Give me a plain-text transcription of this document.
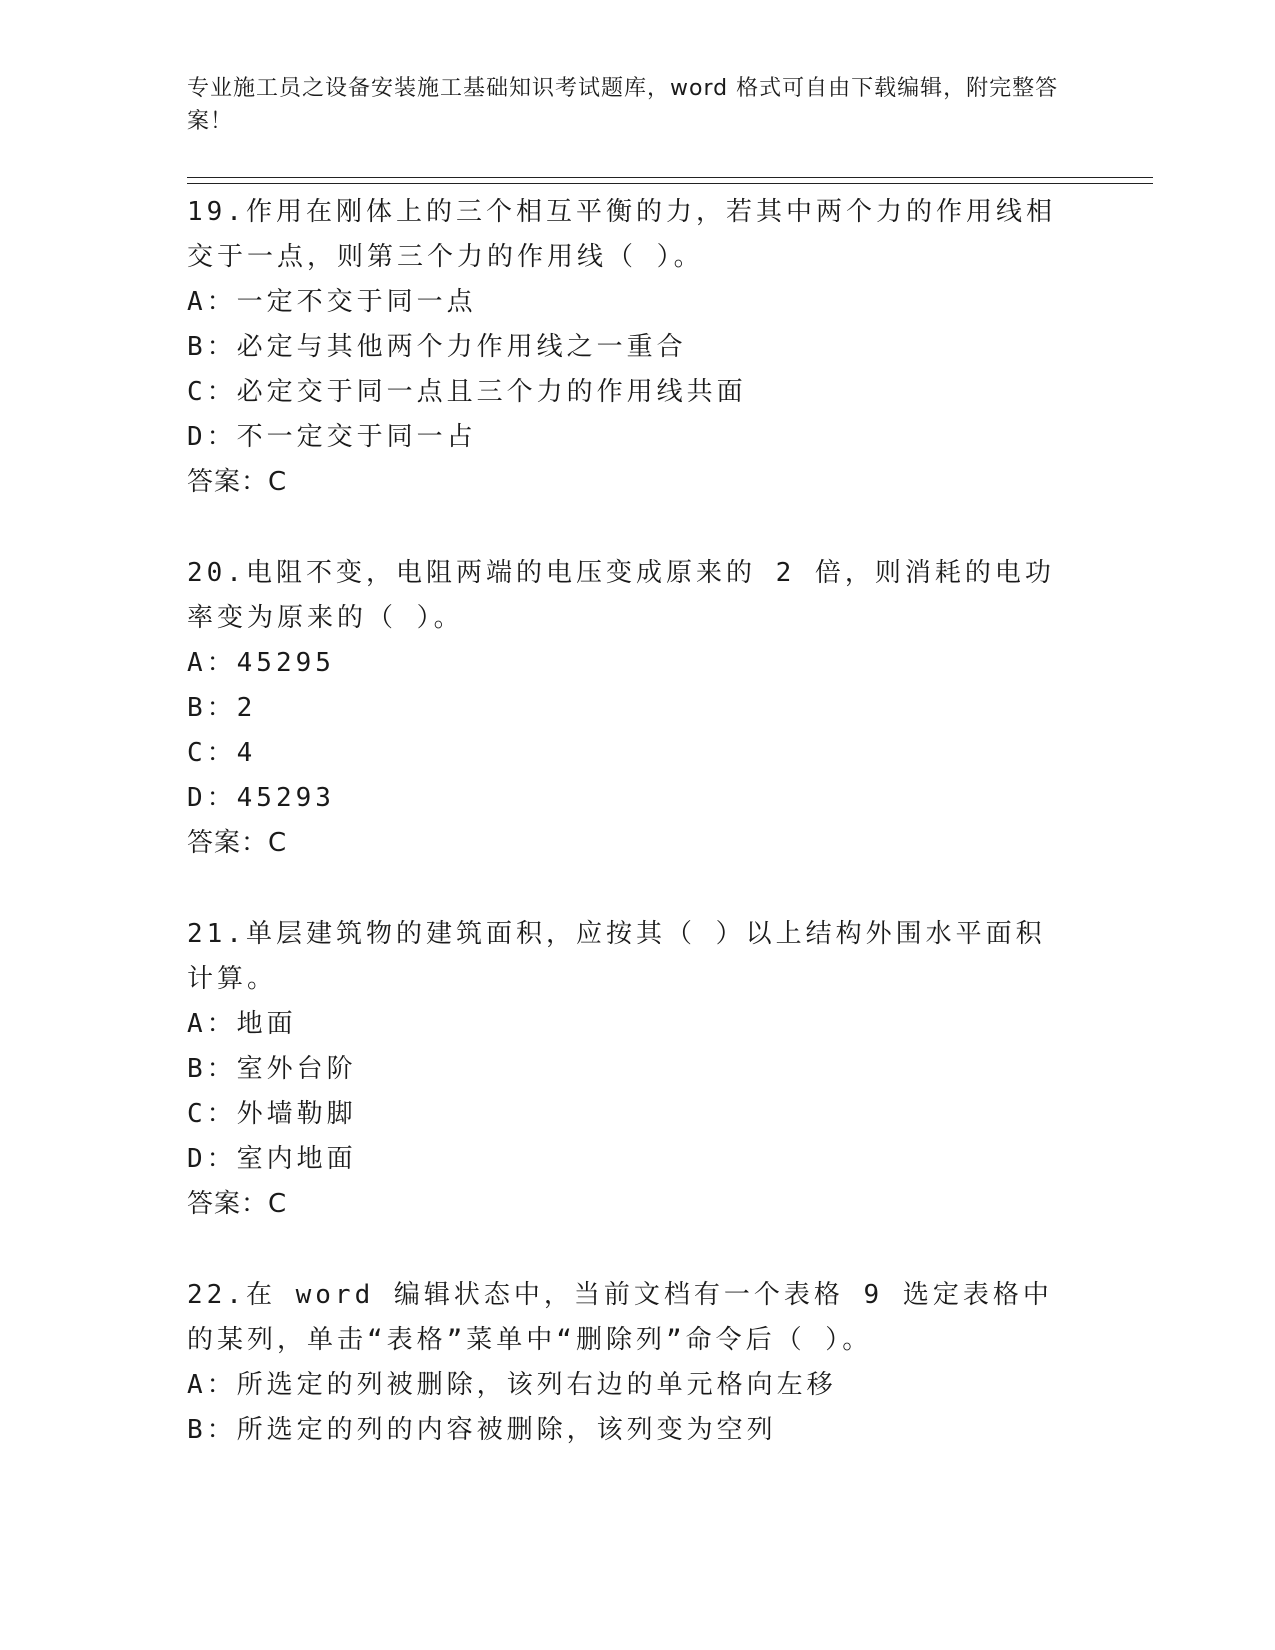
专业施工员之设备安装施工基础知识考试题库，word 格式可自由下载编辑，附完整答案！

19.作用在刚体上的三个相互平衡的力，若其中两个力的作用线相交于一点，则第三个力的作用线（ ）。

A：一定不交于同一点

B：必定与其他两个力作用线之一重合

C：必定交于同一点且三个力的作用线共面

D：不一定交于同一占

答案：C

20.电阻不变，电阻两端的电压变成原来的 2 倍，则消耗的电功率变为原来的（ ）。

A：45295

B：2

C：4

D：45293

答案：C

21.单层建筑物的建筑面积，应按其（ ）以上结构外围水平面积计算。

A：地面

B：室外台阶

C：外墙勒脚

D：室内地面

答案：C

22.在 word 编辑状态中，当前文档有一个表格 9 选定表格中的某列，单击“表格”菜单中“删除列”命令后（ ）。

A：所选定的列被删除，该列右边的单元格向左移

B：所选定的列的内容被删除，该列变为空列
